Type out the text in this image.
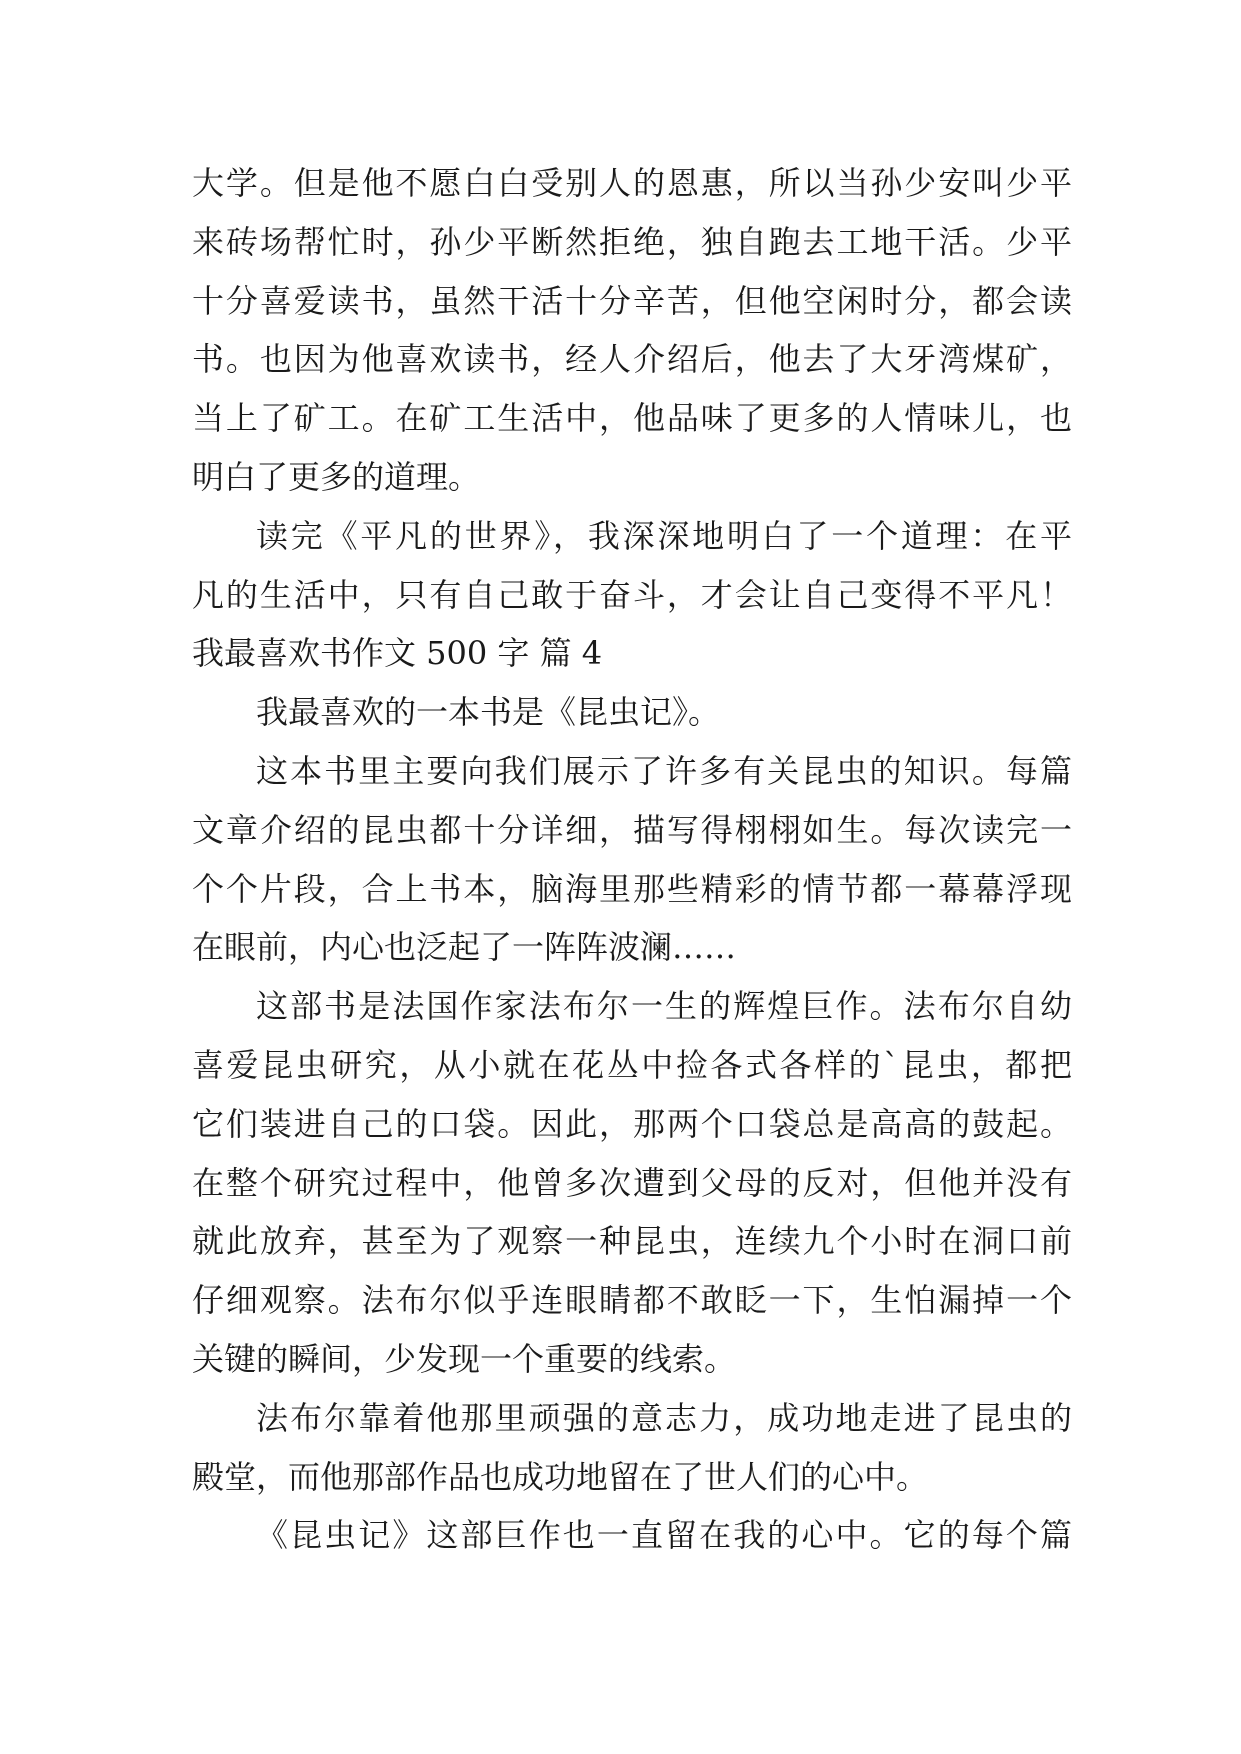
大学。但是他不愿白白受别人的恩惠，所以当孙少安叫少平
来砖场帮忙时，孙少平断然拒绝，独自跑去工地干活。少平
十分喜爱读书，虽然干活十分辛苦，但他空闲时分，都会读
书。也因为他喜欢读书，经人介绍后，他去了大牙湾煤矿，
当上了矿工。在矿工生活中，他品味了更多的人情味儿，也
明白了更多的道理。
读完《平凡的世界》，我深深地明白了一个道理：在平
凡的生活中，只有自己敢于奋斗，才会让自己变得不平凡！
我最喜欢书作文 500 字 篇 4
我最喜欢的一本书是《昆虫记》。
这本书里主要向我们展示了许多有关昆虫的知识。每篇
文章介绍的昆虫都十分详细，描写得栩栩如生。每次读完一
个个片段，合上书本，脑海里那些精彩的情节都一幕幕浮现
在眼前，内心也泛起了一阵阵波澜……
这部书是法国作家法布尔一生的辉煌巨作。法布尔自幼
喜爱昆虫研究，从小就在花丛中捡各式各样的`昆虫，都把
它们装进自己的口袋。因此，那两个口袋总是高高的鼓起。
在整个研究过程中，他曾多次遭到父母的反对，但他并没有
就此放弃，甚至为了观察一种昆虫，连续九个小时在洞口前
仔细观察。法布尔似乎连眼睛都不敢眨一下，生怕漏掉一个
关键的瞬间，少发现一个重要的线索。
法布尔靠着他那里顽强的意志力，成功地走进了昆虫的
殿堂，而他那部作品也成功地留在了世人们的心中。
《昆虫记》这部巨作也一直留在我的心中。它的每个篇
